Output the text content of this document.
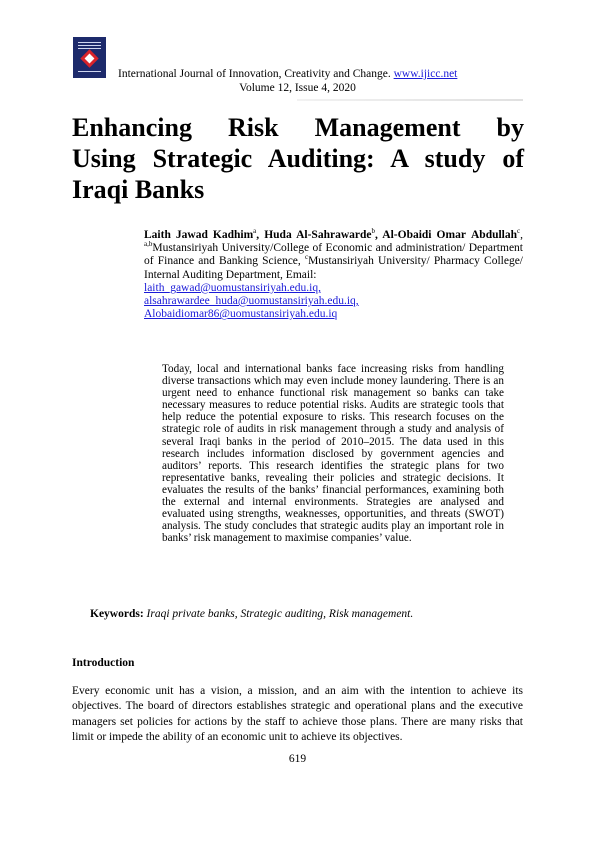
International Journal of Innovation, Creativity and Change. www.ijicc.net
Volume 12, Issue 4, 2020
Enhancing Risk Management by
Using Strategic Auditing: A study of
Iraqi Banks
Laith Jawad Kadhim$^a$, Huda Al-Sahrawarde$^b$, Al-Obaidi Omar Abdullah$^c$, $^{a,b}$Mustansiriyah University/College of Economic and administration/ Department of Finance and Banking Science, $^c$Mustansiriyah University/ Pharmacy College/ Internal Auditing Department, Email:
laith_gawad@uomustansiriyah.edu.iq,
alsahrawardee_huda@uomustansiriyah.edu.iq,
Alobaidiomar86@uomustansiriyah.edu.iq
Today, local and international banks face increasing risks from handling diverse transactions which may even include money laundering. There is an urgent need to enhance functional risk management so banks can take necessary measures to reduce potential risks. Audits are strategic tools that help reduce the potential exposure to risks. This research focuses on the strategic role of audits in risk management through a study and analysis of several Iraqi banks in the period of 2010–2015. The data used in this research includes information disclosed by government agencies and auditors’ reports. This research identifies the strategic plans for two representative banks, revealing their policies and strategic decisions. It evaluates the results of the banks’ financial performances, examining both the external and internal environments. Strategies are analysed and evaluated using strengths, weaknesses, opportunities, and threats (SWOT) analysis. The study concludes that strategic audits play an important role in banks’ risk management to maximise companies’ value.
Keywords: Iraqi private banks, Strategic auditing, Risk management.
Introduction
Every economic unit has a vision, a mission, and an aim with the intention to achieve its objectives. The board of directors establishes strategic and operational plans and the executive managers set policies for actions by the staff to achieve those plans. There are many risks that limit or impede the ability of an economic unit to achieve its objectives.
619
